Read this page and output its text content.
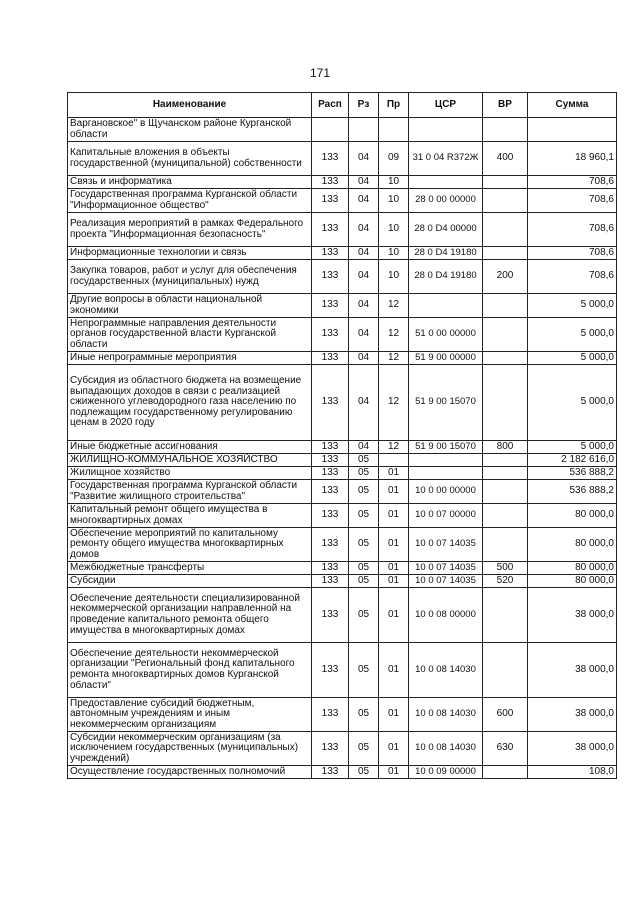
171
Наименование	Расп	Рз	Пр	ЦСР	ВР	Сумма
Варгановское" в Щучанском районе Курганской области						
Капитальные вложения в объекты государственной (муниципальной) собственности	133	04	09	31 0 04 R372Ж	400	18 960,1
Связь и информатика	133	04	10			708,6
Государственная программа Курганской области "Информационное общество"	133	04	10	28 0 00 00000		708,6
Реализация мероприятий в рамках Федерального проекта "Информационная безопасность"	133	04	10	28 0 D4 00000		708,6
Информационные технологии и связь	133	04	10	28 0 D4 19180		708,6
Закупка товаров, работ и услуг для обеспечения государственных (муниципальных) нужд	133	04	10	28 0 D4 19180	200	708,6
Другие вопросы в области национальной экономики	133	04	12			5 000,0
Непрограммные направления деятельности органов государственной власти Курганской области	133	04	12	51 0 00 00000		5 000,0
Иные непрограммные мероприятия	133	04	12	51 9 00 00000		5 000,0
Субсидия из областного бюджета на возмещение выпадающих доходов в связи с реализацией сжиженного углеводородного газа населению по подлежащим государственному регулированию ценам в 2020 году	133	04	12	51 9 00 15070		5 000,0
Иные бюджетные ассигнования	133	04	12	51 9 00 15070	800	5 000,0
ЖИЛИЩНО-КОММУНАЛЬНОЕ ХОЗЯЙСТВО	133	05				2 182 616,0
Жилищное хозяйство	133	05	01			536 888,2
Государственная программа Курганской области "Развитие жилищного строительства"	133	05	01	10 0 00 00000		536 888,2
Капитальный ремонт общего имущества в многоквартирных домах	133	05	01	10 0 07 00000		80 000,0
Обеспечение мероприятий по капитальному ремонту общего имущества многоквартирных домов	133	05	01	10 0 07 14035		80 000,0
Межбюджетные трансферты	133	05	01	10 0 07 14035	500	80 000,0
Субсидии	133	05	01	10 0 07 14035	520	80 000,0
Обеспечение деятельности специализированной некоммерческой организации направленной на проведение капитального ремонта общего имущества в многоквартирных домах	133	05	01	10 0 08 00000		38 000,0
Обеспечение деятельности некоммерческой организации "Региональный фонд капитального ремонта многоквартирных домов Курганской области"	133	05	01	10 0 08 14030		38 000,0
Предоставление субсидий бюджетным, автономным учреждениям и иным некоммерческим организациям	133	05	01	10 0 08 14030	600	38 000,0
Субсидии некоммерческим организациям (за исключением государственных (муниципальных) учреждений)	133	05	01	10 0 08 14030	630	38 000,0
Осуществление государственных полномочий	133	05	01	10 0 09 00000		108,0
